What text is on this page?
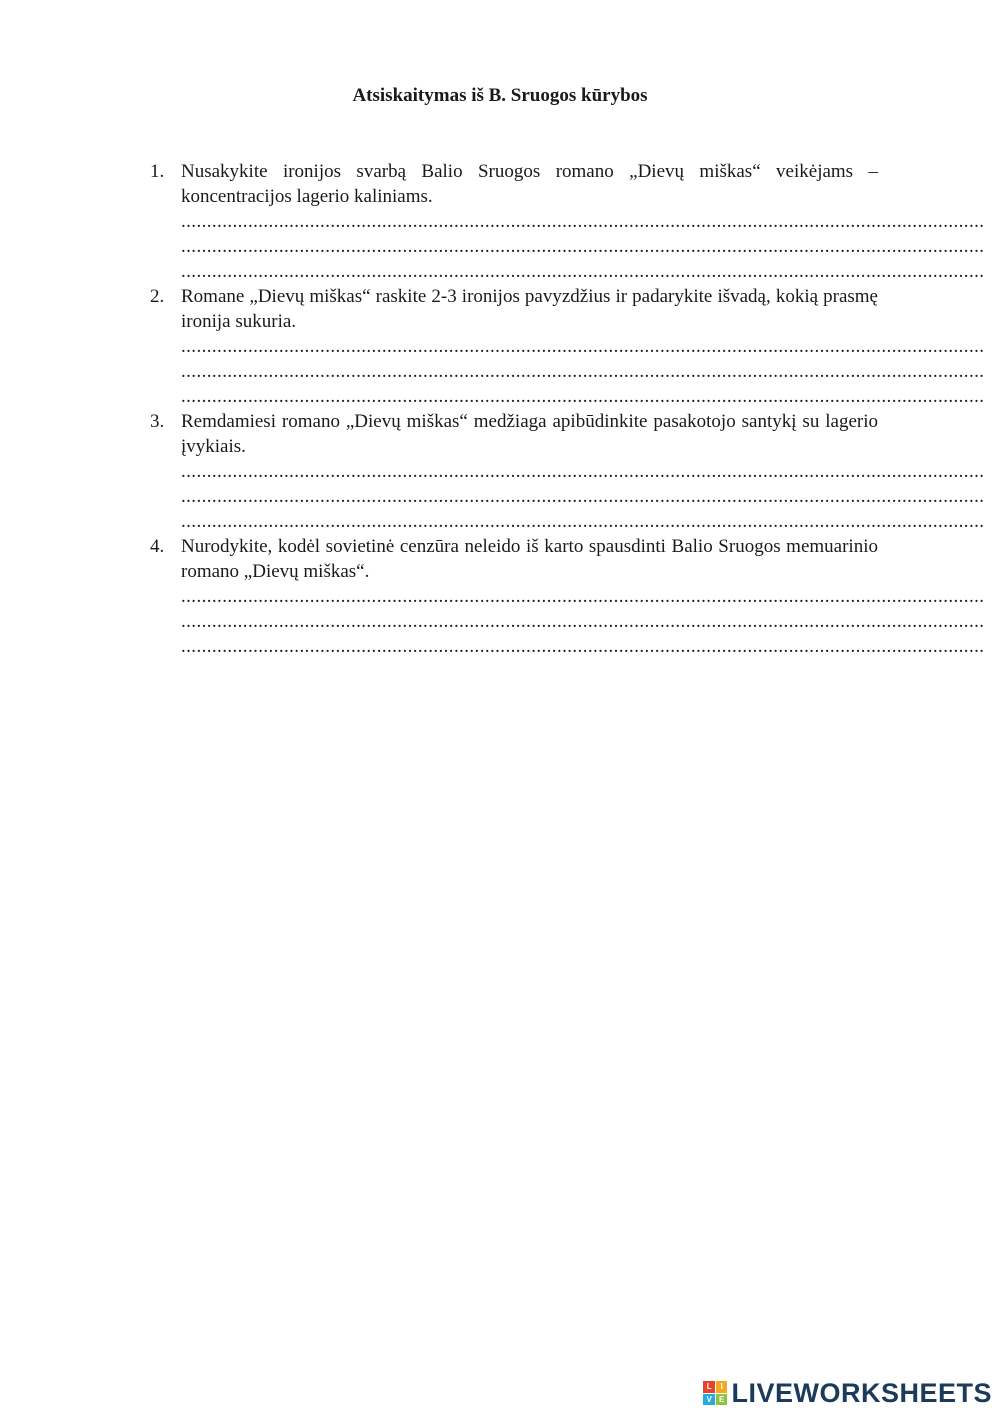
Atsiskaitymas iš B. Sruogos kūrybos
1. Nusakykite ironijos svarbą Balio Sruogos romano „Dievų miškas“ veikėjams – koncentracijos lagerio kaliniams.
............................................................................................................................................................
............................................................................................................................................................
............................................................................................................................................................
2. Romane „Dievų miškas“ raskite 2-3 ironijos pavyzdžius ir padarykite išvadą, kokią prasmę ironija sukuria.
............................................................................................................................................................
............................................................................................................................................................
............................................................................................................................................................
3. Remdamiesi romano „Dievų miškas“ medžiaga apibūdinkite pasakotojo santykį su lagerio įvykiais.
............................................................................................................................................................
............................................................................................................................................................
............................................................................................................................................................
4. Nurodykite, kodėl sovietinė cenzūra neleido iš karto spausdinti Balio Sruogos memuarinio romano „Dievų miškas“.
............................................................................................................................................................
............................................................................................................................................................
............................................................................................................................................................
L	I
V E LIVEWORKSHEETS
